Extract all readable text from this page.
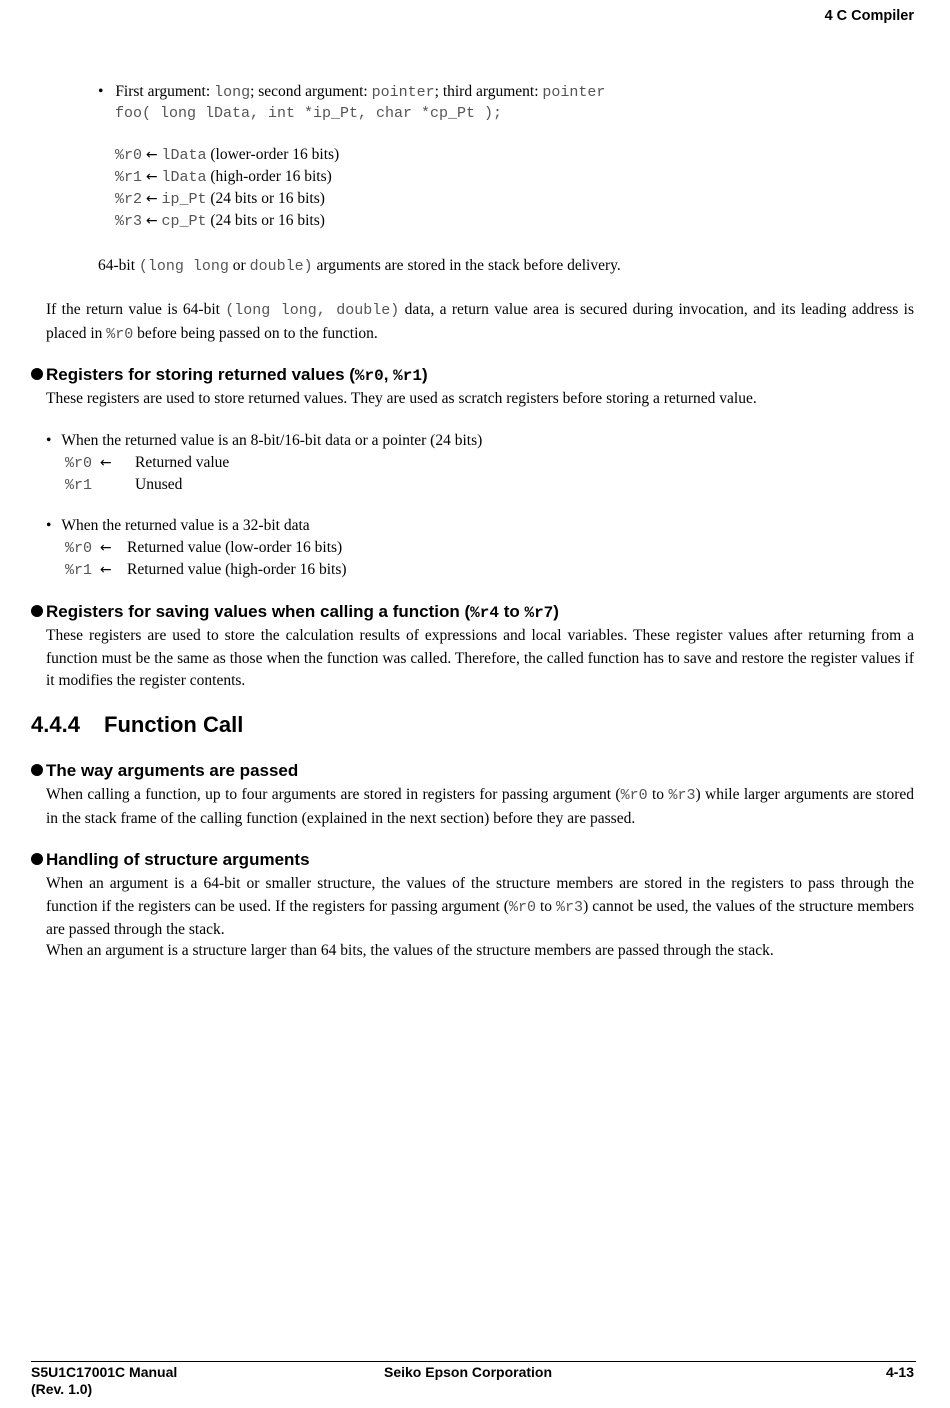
4 C Compiler
• First argument: long; second argument: pointer; third argument: pointer
foo( long lData, int *ip_Pt, char *cp_Pt );
%r0 ← lData (lower-order 16 bits)
%r1 ← lData (high-order 16 bits)
%r2 ← ip_Pt (24 bits or 16 bits)
%r3 ← cp_Pt (24 bits or 16 bits)
64-bit (long long or double) arguments are stored in the stack before delivery.
If the return value is 64-bit (long long, double) data, a return value area is secured during invocation, and its leading address is placed in %r0 before being passed on to the function.
Registers for storing returned values (%r0, %r1)
These registers are used to store returned values. They are used as scratch registers before storing a returned value.
• When the returned value is an 8-bit/16-bit data or a pointer (24 bits)
%r0 ← Returned value
%r1	Unused
• When the returned value is a 32-bit data
%r0 ← Returned value (low-order 16 bits)
%r1 ← Returned value (high-order 16 bits)
Registers for saving values when calling a function (%r4 to %r7)
These registers are used to store the calculation results of expressions and local variables. These register values after returning from a function must be the same as those when the function was called. Therefore, the called function has to save and restore the register values if it modifies the register contents.
4.4.4 Function Call
The way arguments are passed
When calling a function, up to four arguments are stored in registers for passing argument (%r0 to %r3) while larger arguments are stored in the stack frame of the calling function (explained in the next section) before they are passed.
Handling of structure arguments
When an argument is a 64-bit or smaller structure, the values of the structure members are stored in the registers to pass through the function if the registers can be used. If the registers for passing argument (%r0 to %r3) cannot be used, the values of the structure members are passed through the stack.
When an argument is a structure larger than 64 bits, the values of the structure members are passed through the stack.
S5U1C17001C Manual
(Rev. 1.0)
Seiko Epson Corporation	4-13
